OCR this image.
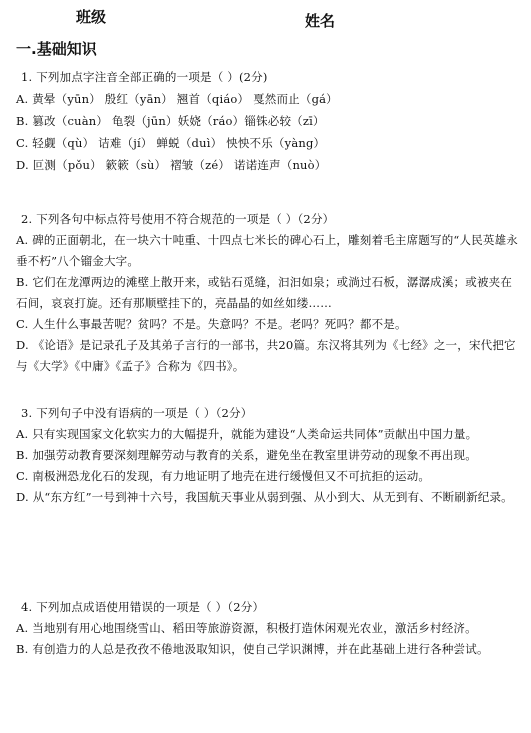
班级	姓名
一.基础知识
1. 下列加点字注音全部正确的一项是（ ）(2分)
A. 黄晕（yūn） 殷红（yān） 翘首（qiáo） 戛然而止（gá）
B. 篡改（cuàn） 龟裂（jūn）妖娆（ráo）锱铢必较（zī）
C. 轻觑（qù） 诘难（jí） 蝉蜕（duì） 怏怏不乐（yàng）
D. 叵测（pǒu） 簌簌（sù） 褶皱（zé） 诺诺连声（nuò）
2. 下列各句中标点符号使用不符合规范的一项是（ ）（2分）
A. 碑的正面朝北，在一块六十吨重、十四点七米长的碑心石上，雕刻着毛主席题写的“人民英雄永垂不朽”八个镏金大字。
B. 它们在龙潭两边的滩壁上散开来，或钻石觅缝，汩汩如泉；或淌过石板，潺潺成溪；或被夹在石间，哀哀打旋。还有那顺壁挂下的，亮晶晶的如丝如缕……
C. 人生什么事最苦呢？贫吗？不是。失意吗？不是。老吗？死吗？都不是。
D. 《论语》是记录孔子及其弟子言行的一部书，共20篇。东汉将其列为《七经》之一，宋代把它与《大学》《中庸》《孟子》合称为《四书》。
3. 下列句子中没有语病的一项是（ ）（2分）
A. 只有实现国家文化软实力的大幅提升，就能为建设“人类命运共同体”贡献出中国力量。
B. 加强劳动教育要深刻理解劳动与教育的关系，避免坐在教室里讲劳动的现象不再出现。
C. 南极洲恐龙化石的发现，有力地证明了地壳在进行缓慢但又不可抗拒的运动。
D. 从“东方红”一号到神十六号，我国航天事业从弱到强、从小到大、从无到有、不断刷新纪录。
4. 下列加点成语使用错误的一项是（ ）（2分）
A. 当地别有用心地围绕雪山、稻田等旅游资源，积极打造休闲观光农业，激活乡村经济。
B. 有创造力的人总是孜孜不倦地汲取知识，使自己学识渊博，并在此基础上进行各种尝试。
